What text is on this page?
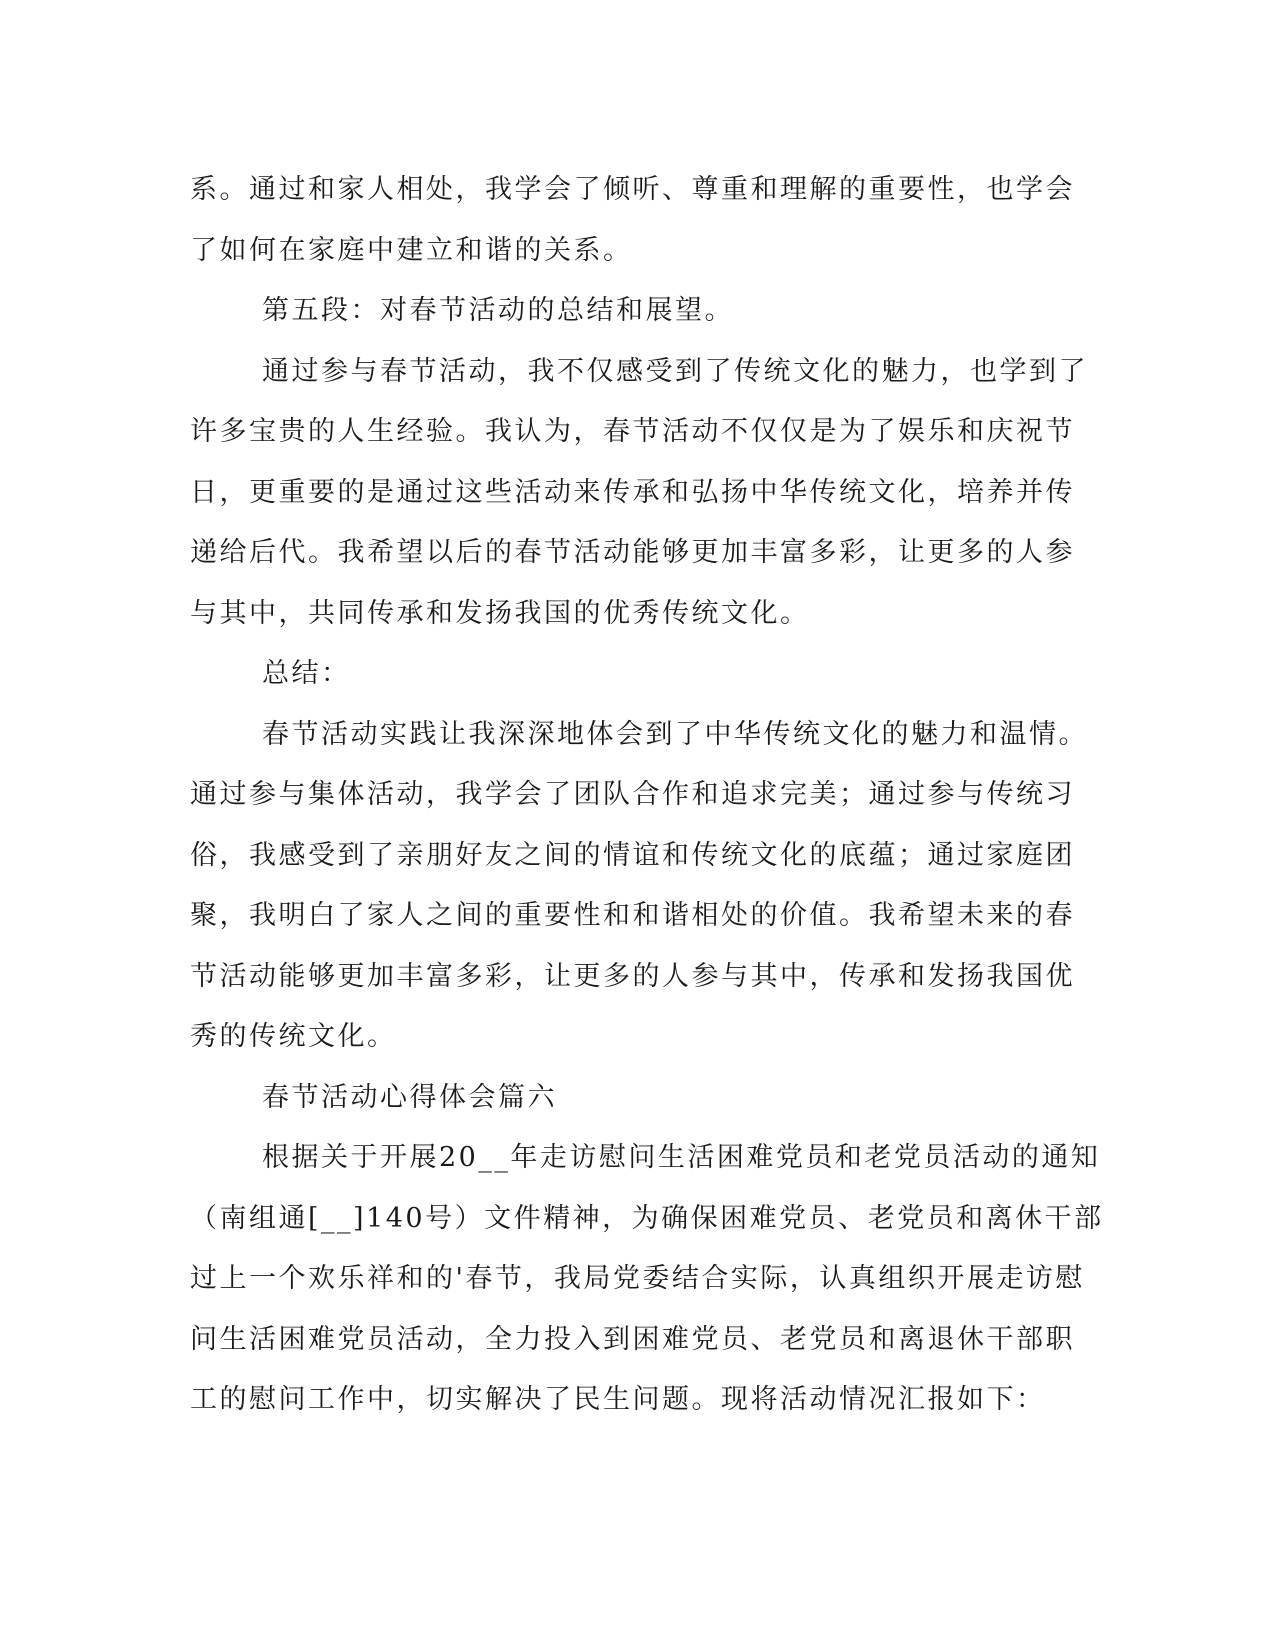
系。通过和家人相处，我学会了倾听、尊重和理解的重要性，也学会
了如何在家庭中建立和谐的关系。
第五段：对春节活动的总结和展望。
通过参与春节活动，我不仅感受到了传统文化的魅力，也学到了
许多宝贵的人生经验。我认为，春节活动不仅仅是为了娱乐和庆祝节
日，更重要的是通过这些活动来传承和弘扬中华传统文化，培养并传
递给后代。我希望以后的春节活动能够更加丰富多彩，让更多的人参
与其中，共同传承和发扬我国的优秀传统文化。
总结：
春节活动实践让我深深地体会到了中华传统文化的魅力和温情。
通过参与集体活动，我学会了团队合作和追求完美；通过参与传统习
俗，我感受到了亲朋好友之间的情谊和传统文化的底蕴；通过家庭团
聚，我明白了家人之间的重要性和和谐相处的价值。我希望未来的春
节活动能够更加丰富多彩，让更多的人参与其中，传承和发扬我国优
秀的传统文化。
春节活动心得体会篇六
根据关于开展20__年走访慰问生活困难党员和老党员活动的通知
（南组通[__]140号）文件精神，为确保困难党员、老党员和离休干部
过上一个欢乐祥和的'春节，我局党委结合实际，认真组织开展走访慰
问生活困难党员活动，全力投入到困难党员、老党员和离退休干部职
工的慰问工作中，切实解决了民生问题。现将活动情况汇报如下：
